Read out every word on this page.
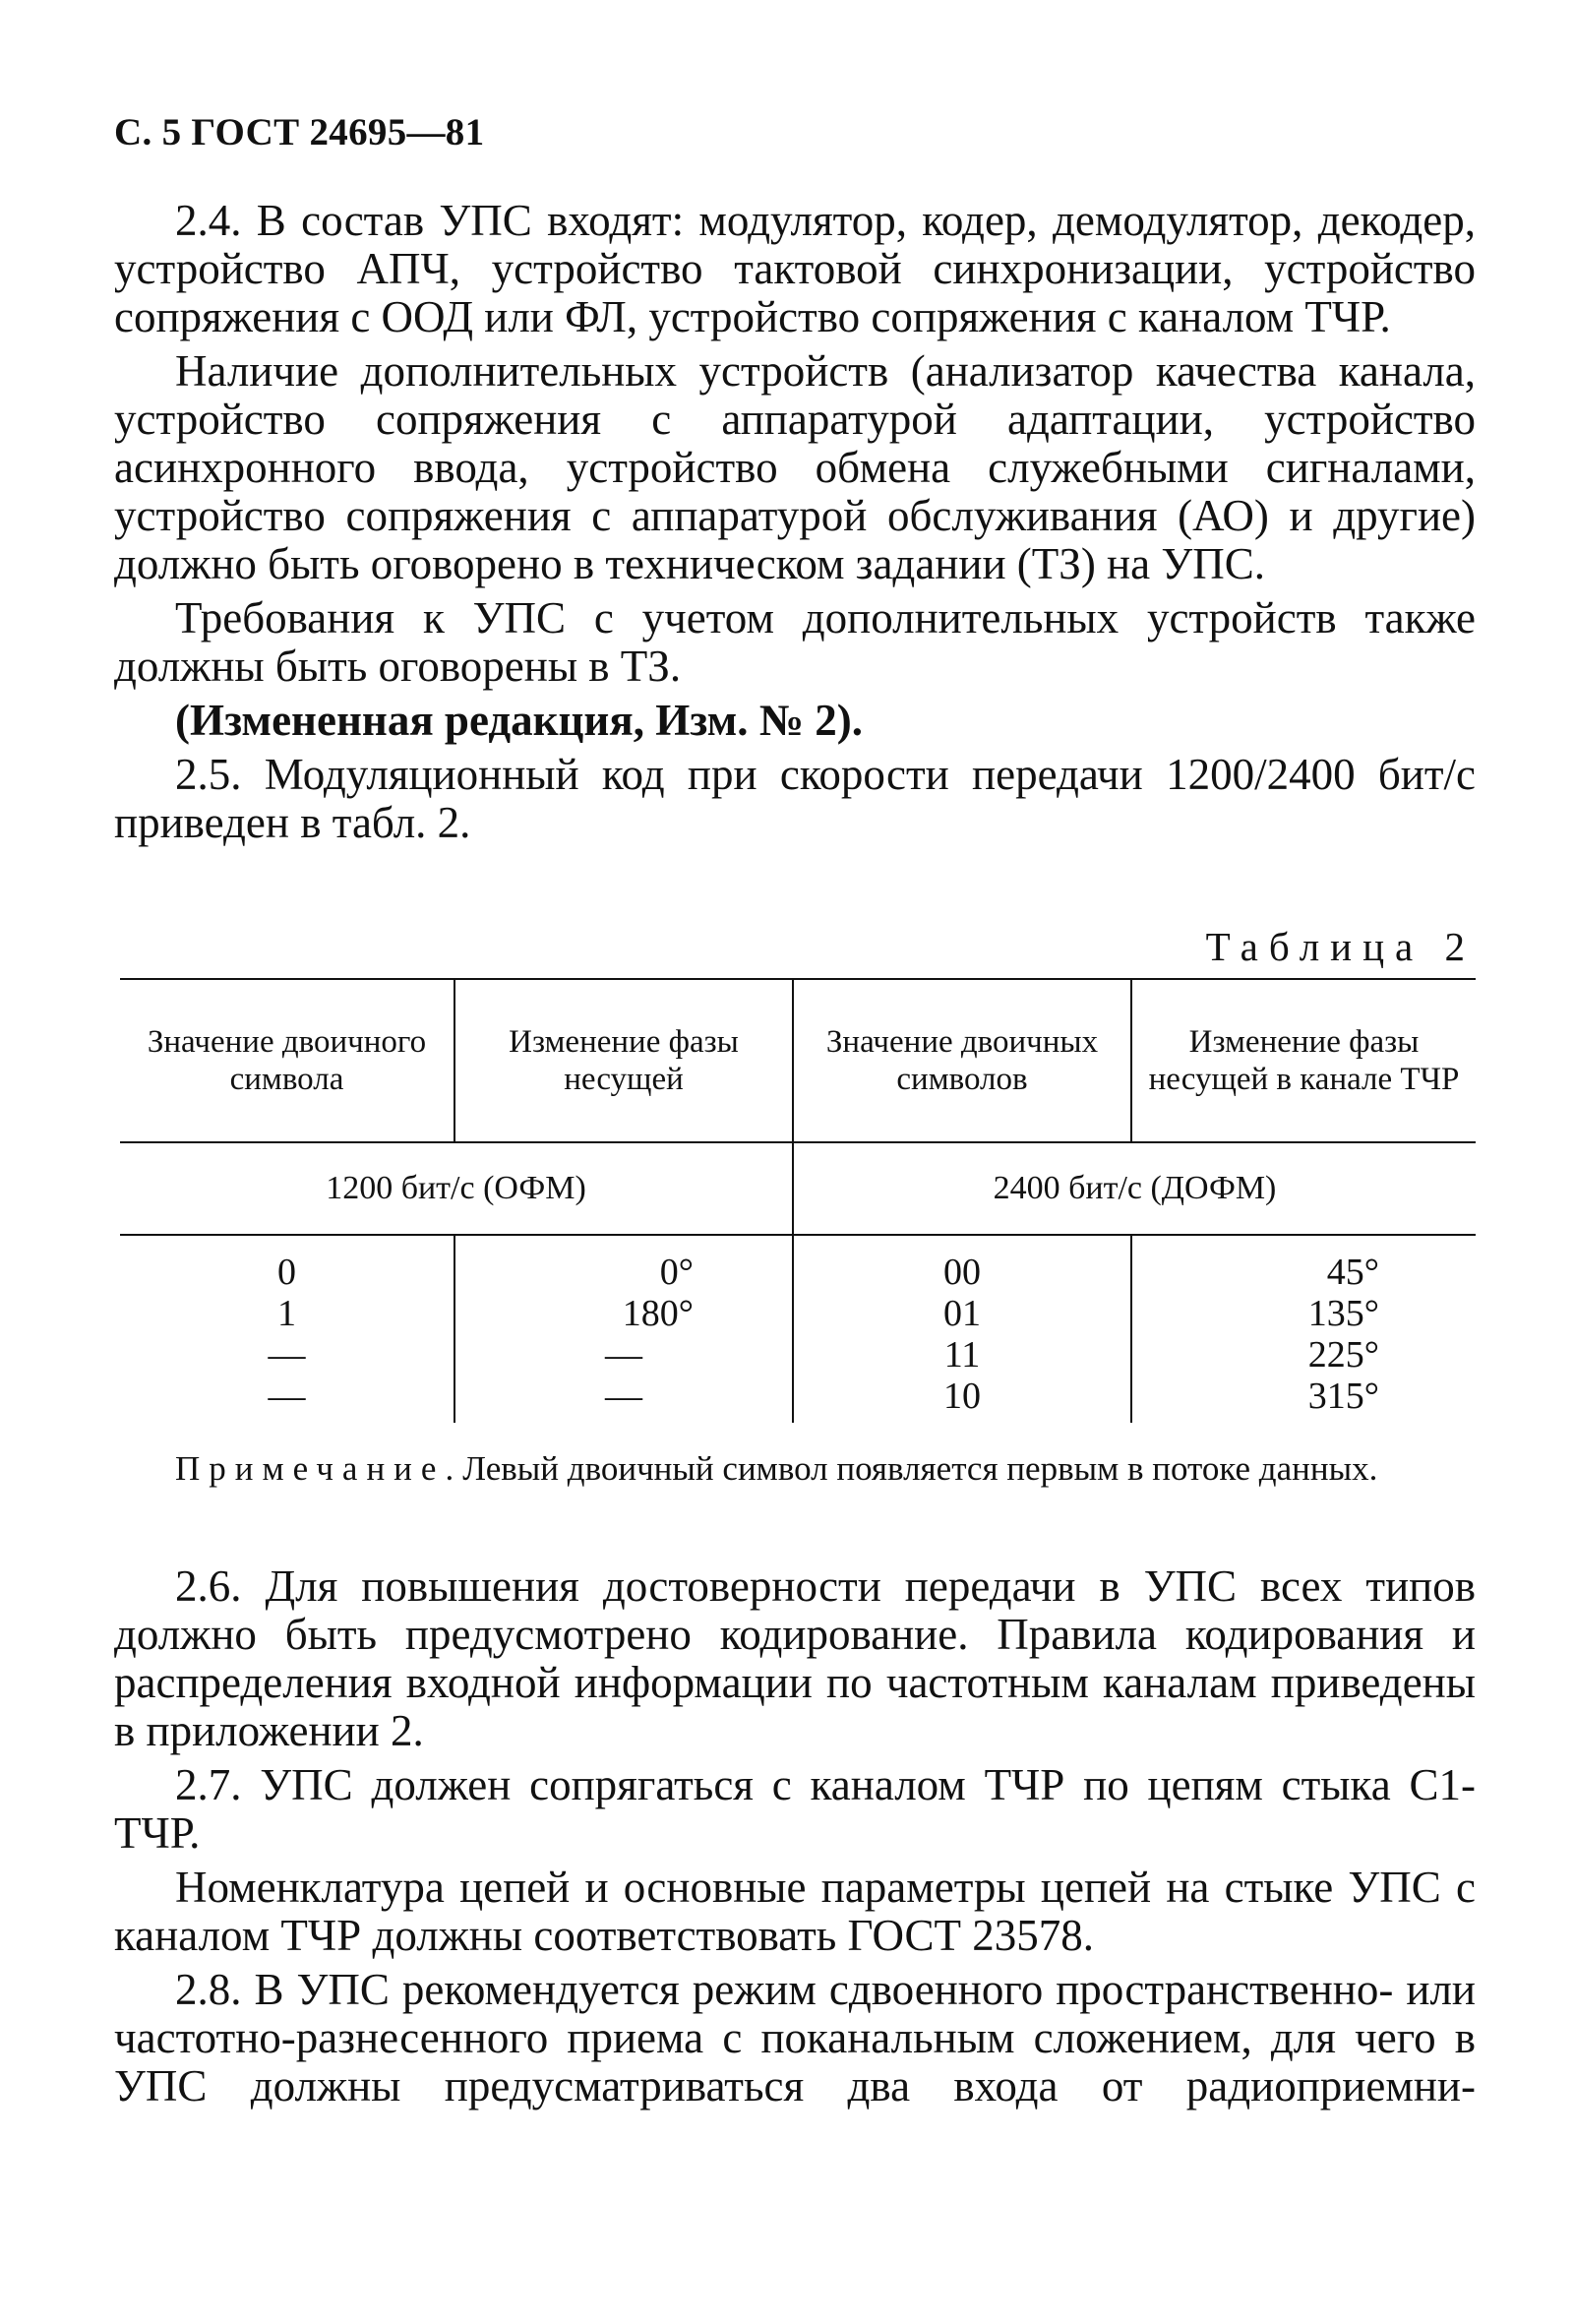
С. 5 ГОСТ 24695—81

2.4. В состав УПС входят: модулятор, кодер, демодулятор, декодер, устройство АПЧ, устройство тактовой синхронизации, устройство сопряжения с ООД или ФЛ, устройство сопряжения с каналом ТЧР.

Наличие дополнительных устройств (анализатор качества канала, устройство сопряжения с аппаратурой адаптации, устройство асинхронного ввода, устройство обмена служебными сигналами, устройство сопряжения с аппаратурой обслуживания (АО) и другие) должно быть оговорено в техническом задании (ТЗ) на УПС.

Требования к УПС с учетом дополнительных устройств также должны быть оговорены в ТЗ.

(Измененная редакция, Изм. № 2).

2.5. Модуляционный код при скорости передачи 1200/2400 бит/с приведен в табл. 2.

Таблица 2
Значение двоичного символа	Изменение фазы несущей	Значение двоичных символов	Изменение фазы несущей в канале ТЧР
1200 бит/с (ОФМ)		2400 бит/с (ДОФМ)	
0	0°	00	45°
1	180°	01	135°
—	—	11	225°
—	—	10	315°
Примечание.Левый двоичный символ появляется первым в потоке данных.

2.6. Для повышения достоверности передачи в УПС всех типов должно быть предусмотрено кодирование. Правила кодирования и распределения входной информации по частотным каналам приведены в приложении 2.

2.7. УПС должен сопрягаться с каналом ТЧР по цепям стыка С1-ТЧР.

Номенклатура цепей и основные параметры цепей на стыке УПС с каналом ТЧР должны соответствовать ГОСТ 23578.

2.8. В УПС рекомендуется режим сдвоенного пространственно- или частотно-разнесенного приема с поканальным сложением, для чего в УПС должны предусматриваться два входа от радиоприемни-
